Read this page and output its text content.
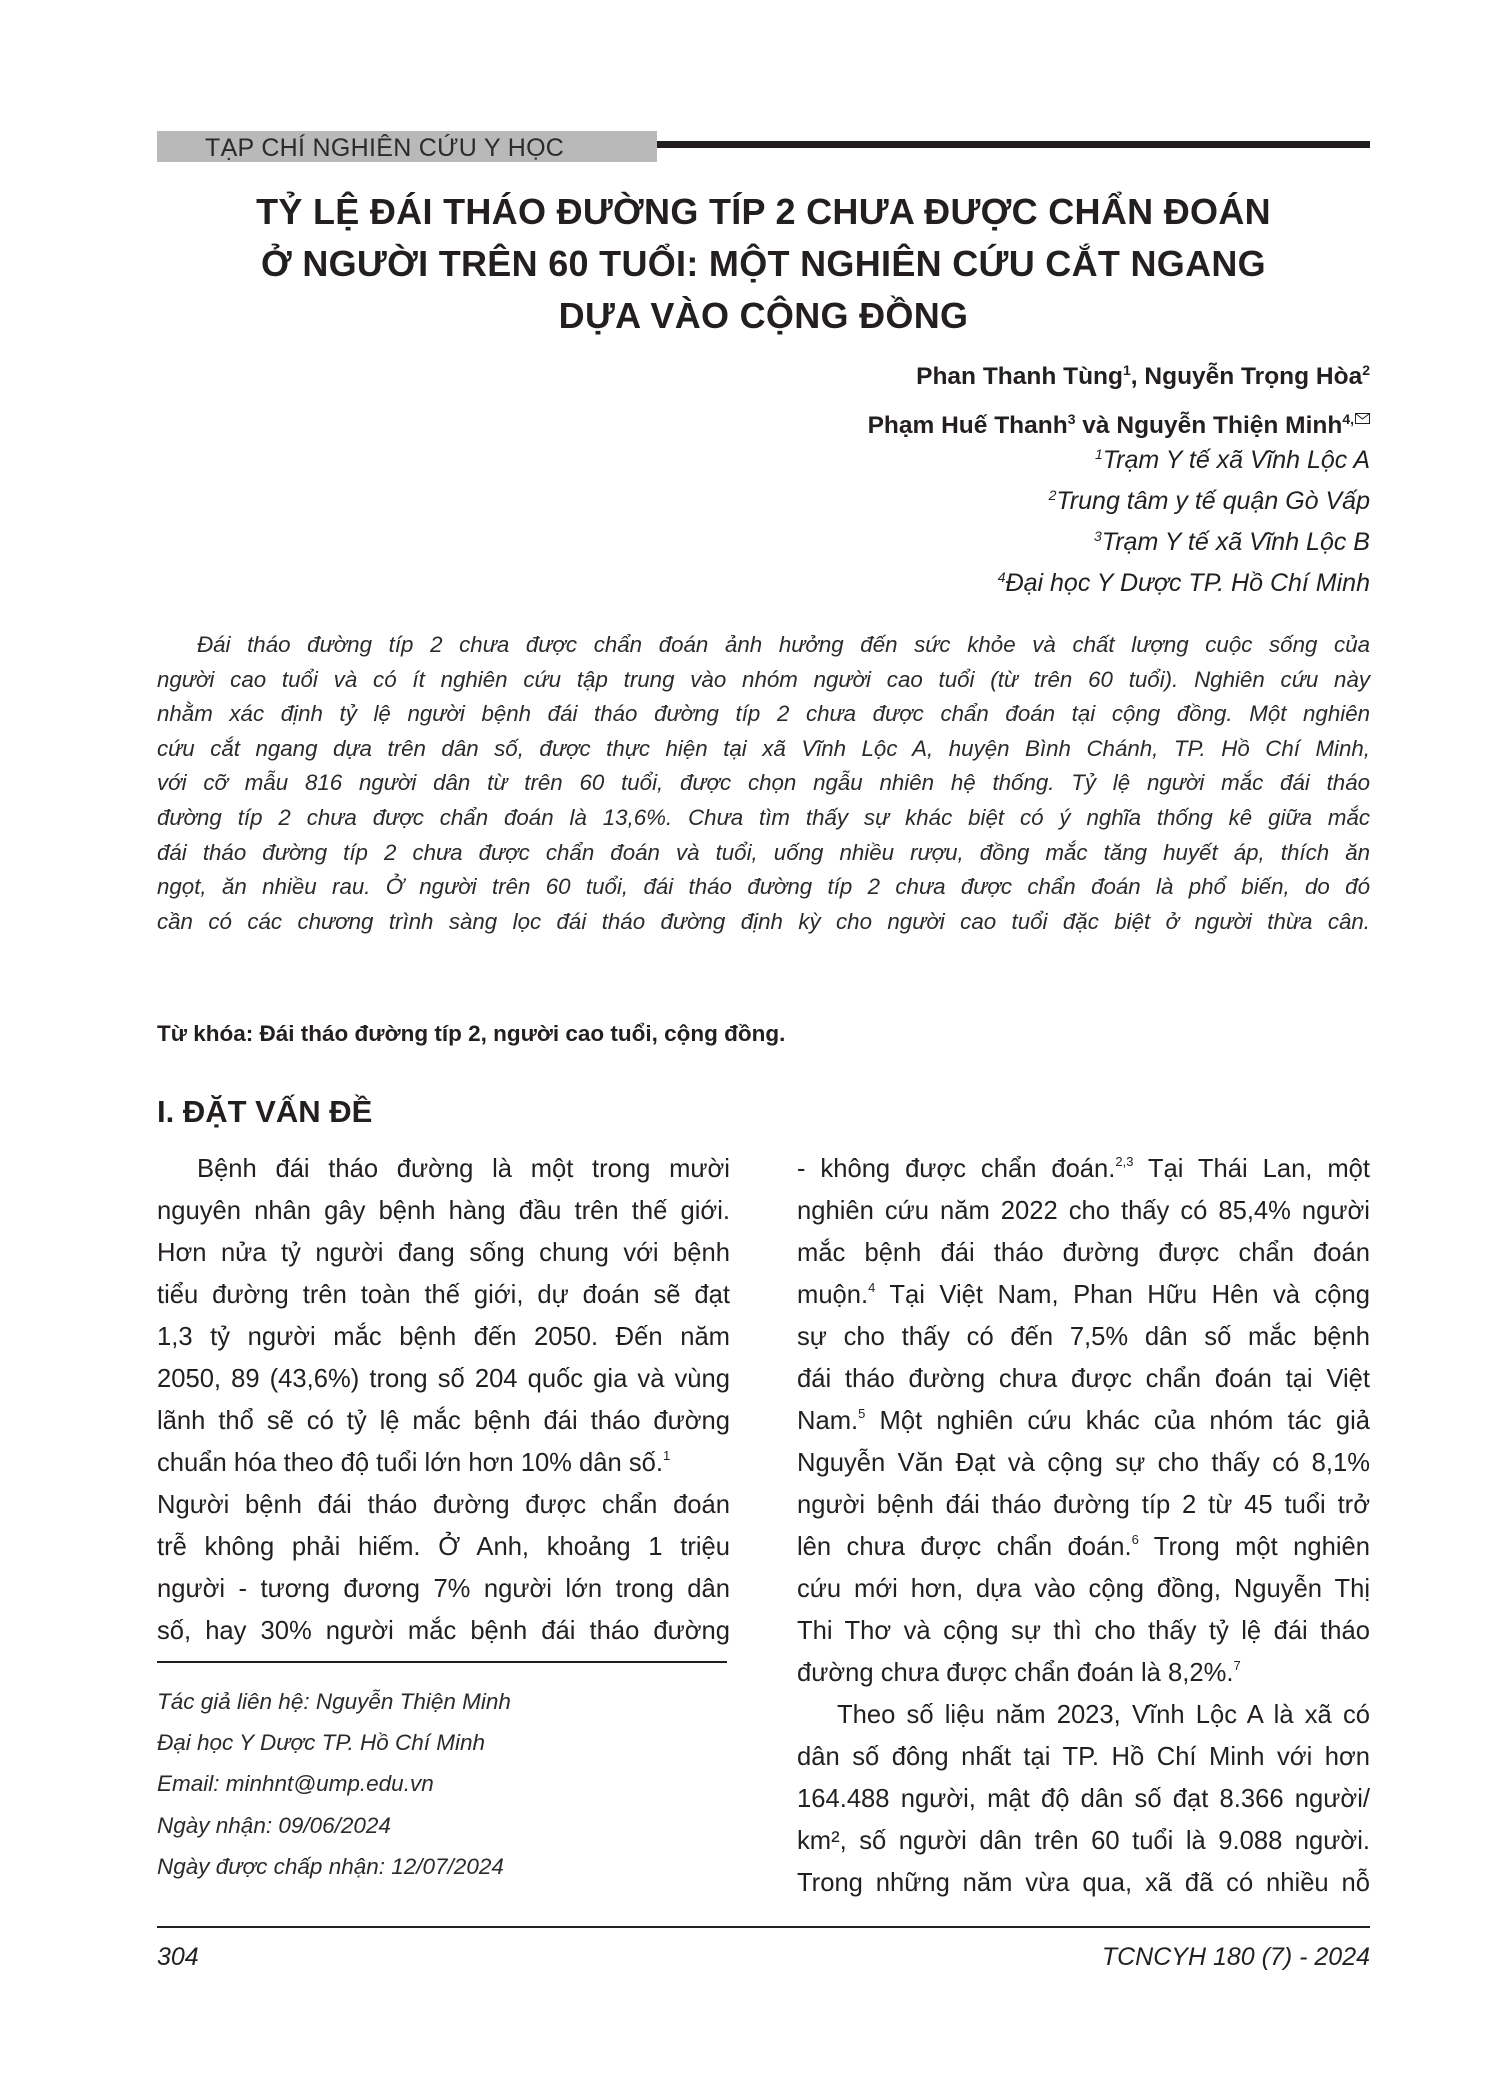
TẠP CHÍ NGHIÊN CỨU Y HỌC
TỶ LỆ ĐÁI THÁO ĐƯỜNG TÍP 2 CHƯA ĐƯỢC CHẨN ĐOÁN
Ở NGƯỜI TRÊN 60 TUỔI: MỘT NGHIÊN CỨU CẮT NGANG
DỰA VÀO CỘNG ĐỒNG
Phan Thanh Tùng$^1$, Nguyễn Trọng Hòa$^2$
Phạm Huế Thanh$^3$ và Nguyễn Thiện Minh$^{4,}$
$^1$Trạm Y tế xã Vĩnh Lộc A
$^2$Trung tâm y tế quận Gò Vấp
$^3$Trạm Y tế xã Vĩnh Lộc B
$^4$Đại học Y Dược TP. Hồ Chí Minh
Đái tháo đường típ 2 chưa được chẩn đoán ảnh hưởng đến sức khỏe và chất lượng cuộc sống của
người cao tuổi và có ít nghiên cứu tập trung vào nhóm người cao tuổi (từ trên 60 tuổi). Nghiên cứu này
nhằm xác định tỷ lệ người bệnh đái tháo đường típ 2 chưa được chẩn đoán tại cộng đồng. Một nghiên
cứu cắt ngang dựa trên dân số, được thực hiện tại xã Vĩnh Lộc A, huyện Bình Chánh, TP. Hồ Chí Minh,
với cỡ mẫu 816 người dân từ trên 60 tuổi, được chọn ngẫu nhiên hệ thống. Tỷ lệ người mắc đái tháo
đường típ 2 chưa được chẩn đoán là 13,6%. Chưa tìm thấy sự khác biệt có ý nghĩa thống kê giữa mắc
đái tháo đường típ 2 chưa được chẩn đoán và tuổi, uống nhiều rượu, đồng mắc tăng huyết áp, thích ăn
ngọt, ăn nhiều rau. Ở người trên 60 tuổi, đái tháo đường típ 2 chưa được chẩn đoán là phổ biến, do đó
cần có các chương trình sàng lọc đái tháo đường định kỳ cho người cao tuổi đặc biệt ở người thừa cân.
Từ khóa: Đái tháo đường típ 2, người cao tuổi, cộng đồng.
I. ĐẶT VẤN ĐỀ
Bệnh đái tháo đường là một trong mười
nguyên nhân gây bệnh hàng đầu trên thế giới.
Hơn nửa tỷ người đang sống chung với bệnh
tiểu đường trên toàn thế giới, dự đoán sẽ đạt
1,3 tỷ người mắc bệnh đến 2050. Đến năm
2050, 89 (43,6%) trong số 204 quốc gia và vùng
lãnh thổ sẽ có tỷ lệ mắc bệnh đái tháo đường
chuẩn hóa theo độ tuổi lớn hơn 10% dân số.$^1$
Người bệnh đái tháo đường được chẩn đoán
trễ không phải hiếm. Ở Anh, khoảng 1 triệu
người - tương đương 7% người lớn trong dân
số, hay 30% người mắc bệnh đái tháo đường
- không được chẩn đoán.$^{2,3}$ Tại Thái Lan, một
nghiên cứu năm 2022 cho thấy có 85,4% người
mắc bệnh đái tháo đường được chẩn đoán
muộn.$^4$ Tại Việt Nam, Phan Hữu Hên và cộng
sự cho thấy có đến 7,5% dân số mắc bệnh
đái tháo đường chưa được chẩn đoán tại Việt
Nam.$^5$ Một nghiên cứu khác của nhóm tác giả
Nguyễn Văn Đạt và cộng sự cho thấy có 8,1%
người bệnh đái tháo đường típ 2 từ 45 tuổi trở
lên chưa được chẩn đoán.$^6$ Trong một nghiên
cứu mới hơn, dựa vào cộng đồng, Nguyễn Thị
Thi Thơ và cộng sự thì cho thấy tỷ lệ đái tháo
đường chưa được chẩn đoán là 8,2%.$^7$
Theo số liệu năm 2023, Vĩnh Lộc A là xã có
dân số đông nhất tại TP. Hồ Chí Minh với hơn
164.488 người, mật độ dân số đạt 8.366 người/
km², số người dân trên 60 tuổi là 9.088 người.
Trong những năm vừa qua, xã đã có nhiều nỗ
Tác giả liên hệ: Nguyễn Thiện Minh
Đại học Y Dược TP. Hồ Chí Minh
Email: minhnt@ump.edu.vn
Ngày nhận: 09/06/2024
Ngày được chấp nhận: 12/07/2024
304	TCNCYH 180 (7) - 2024
